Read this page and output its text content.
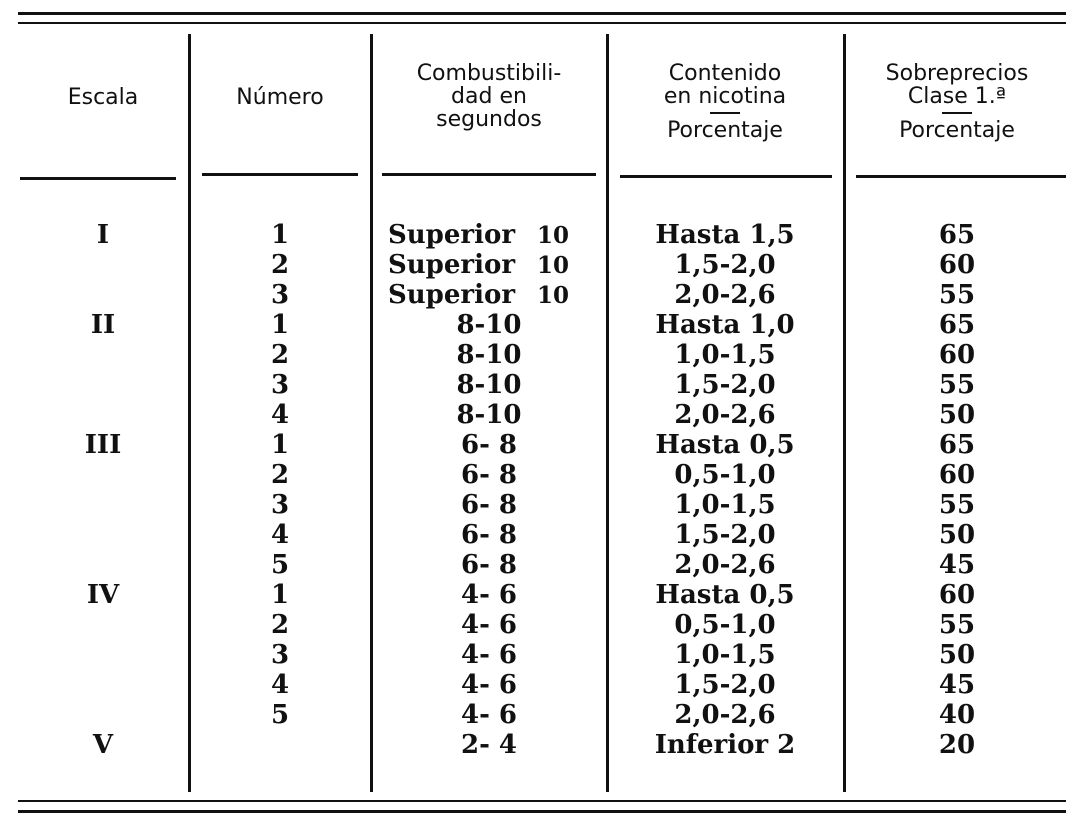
Escala	Número
Combustibili-
dad en
segundos
Contenido
en nicotina
Porcentaje
Sobreprecios
Clase 1.ª
Porcentaje
I
II
III
IV
V
1
2
3
1
2
3
4
1
2
3
4
5
1
2
3
4
5
Superior 10
Superior 10
Superior 10
8-10
8-10
8-10
8-10
6- 8
6- 8
6- 8
6- 8
6- 8
4- 6
4- 6
4- 6
4- 6
4- 6
2- 4
Hasta 1,5
1,5-2,0
2,0-2,6
Hasta 1,0
1,0-1,5
1,5-2,0
2,0-2,6
Hasta 0,5
0,5-1,0
1,0-1,5
1,5-2,0
2,0-2,6
Hasta 0,5
0,5-1,0
1,0-1,5
1,5-2,0
2,0-2,6
Inferior 2
65
60
55
65
60
55
50
65
60
55
50
45
60
55
50
45
40
20
